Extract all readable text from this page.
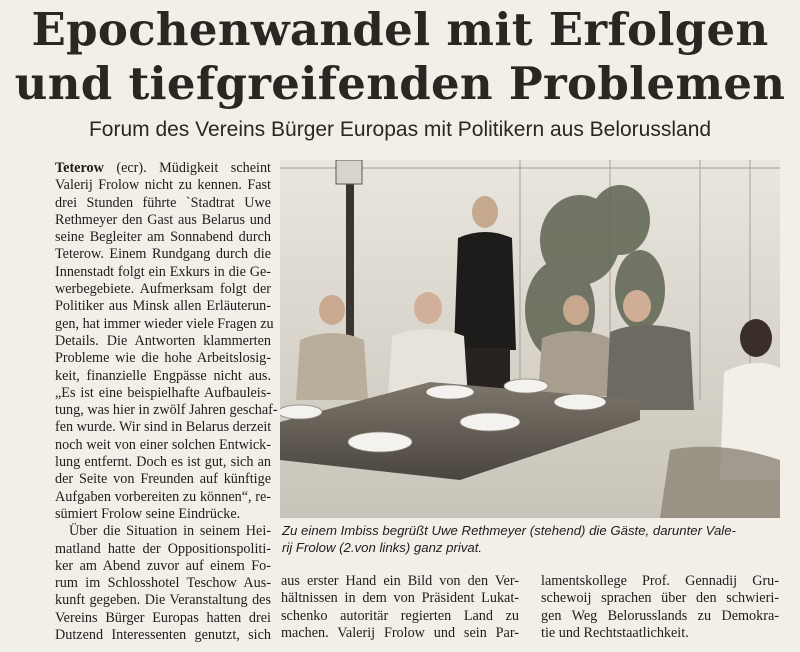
Epochenwandel mit Erfolgen
und tiefgreifenden Problemen
Forum des Vereins Bürger Europas mit Politikern aus Belorussland
Teterow (ecr). Müdigkeit scheint
Valerij Frolow nicht zu kennen. Fast
drei Stunden führte `Stadtrat Uwe
Rethmeyer den Gast aus Belarus und
seine Begleiter am Sonnabend durch
Teterow. Einem Rundgang durch die
Innenstadt folgt ein Exkurs in die Ge-
werbegebiete. Aufmerksam folgt der
Politiker aus Minsk allen Erläuterun-
gen, hat immer wieder viele Fragen zu
Details. Die Antworten klammerten
Probleme wie die hohe Arbeitslosig-
keit, finanzielle Engpässe nicht aus.
„Es ist eine beispielhafte Aufbauleis-
tung, was hier in zwölf Jahren geschaf-
fen wurde. Wir sind in Belarus derzeit
noch weit von einer solchen Entwick-
lung entfernt. Doch es ist gut, sich an
der Seite von Freunden auf künftige
Aufgaben vorbereiten zu können“, re-
sümiert Frolow seine Eindrücke.
Über die Situation in seinem Hei-
matland hatte der Oppositionspoliti-
ker am Abend zuvor auf einem Fo-
rum im Schlosshotel Teschow Aus-
kunft gegeben. Die Veranstaltung des
Vereins Bürger Europas hatten drei
Dutzend Interessenten genutzt, sich
Zu einem Imbiss begrüßt Uwe Rethmeyer (stehend) die Gäste, darunter Vale-
rij Frolow (2.von links) ganz privat.
aus erster Hand ein Bild von den Ver-
hältnissen in dem von Präsident Lukat-
schenko autoritär regierten Land zu
machen. Valerij Frolow und sein Par-
lamentskollege Prof. Gennadij Gru-
schewoij sprachen über den schwieri-
gen Weg Belorusslands zu Demokra-
tie und Rechtstaatlichkeit.
